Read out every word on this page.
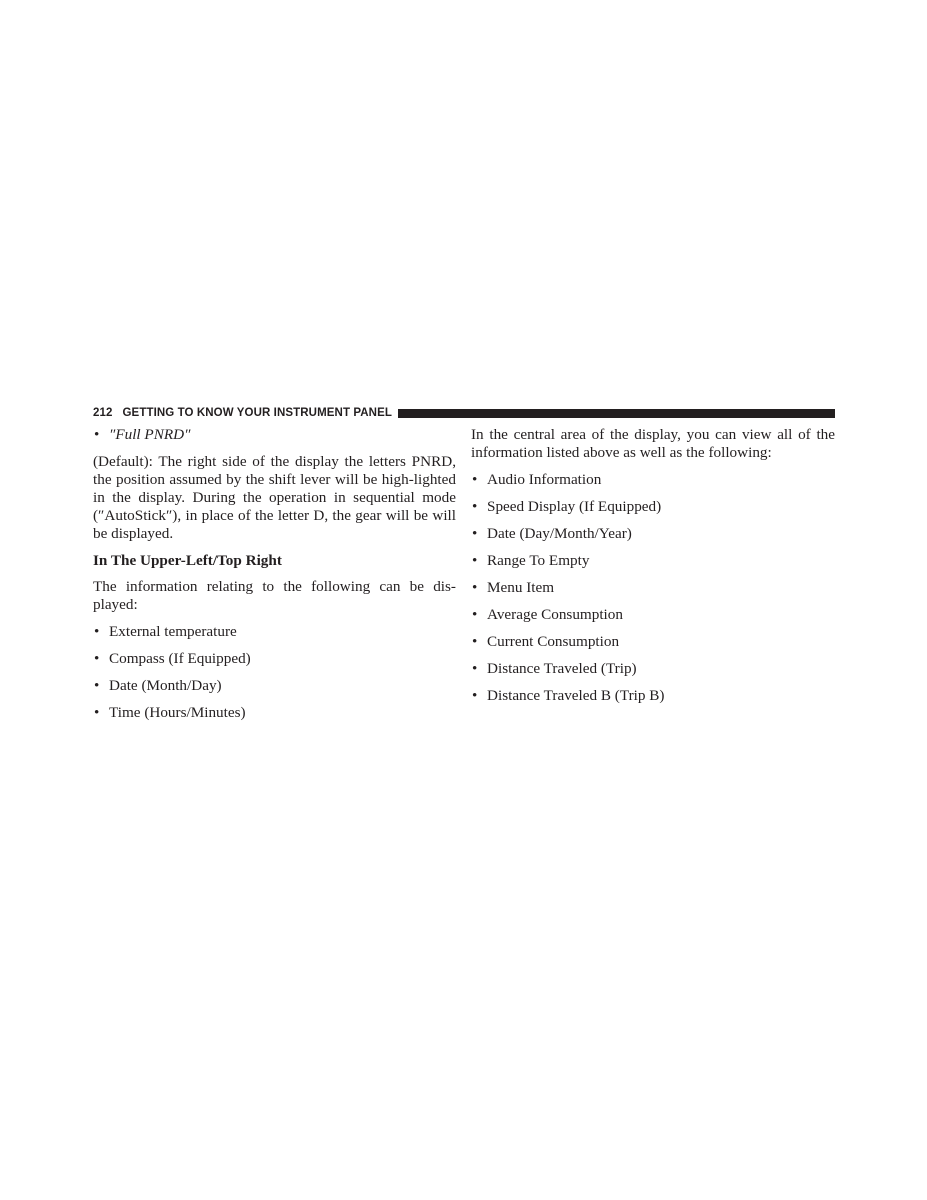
212 GETTING TO KNOW YOUR INSTRUMENT PANEL
• ″Full PNRD″

(Default): The right side of the display the letters PNRD, the position assumed by the shift lever will be high-lighted in the display. During the operation in sequential mode (″AutoStick″), in place of the letter D, the gear will be will be displayed.

In The Upper-Left/Top Right

The information relating to the following can be dis-played:

• External temperature
• Compass (If Equipped)
• Date (Month/Day)
• Time (Hours/Minutes)

In the central area of the display, you can view all of the information listed above as well as the following:

• Audio Information
• Speed Display (If Equipped)
• Date (Day/Month/Year)
• Range To Empty
• Menu Item
• Average Consumption
• Current Consumption
• Distance Traveled (Trip)
• Distance Traveled B (Trip B)
